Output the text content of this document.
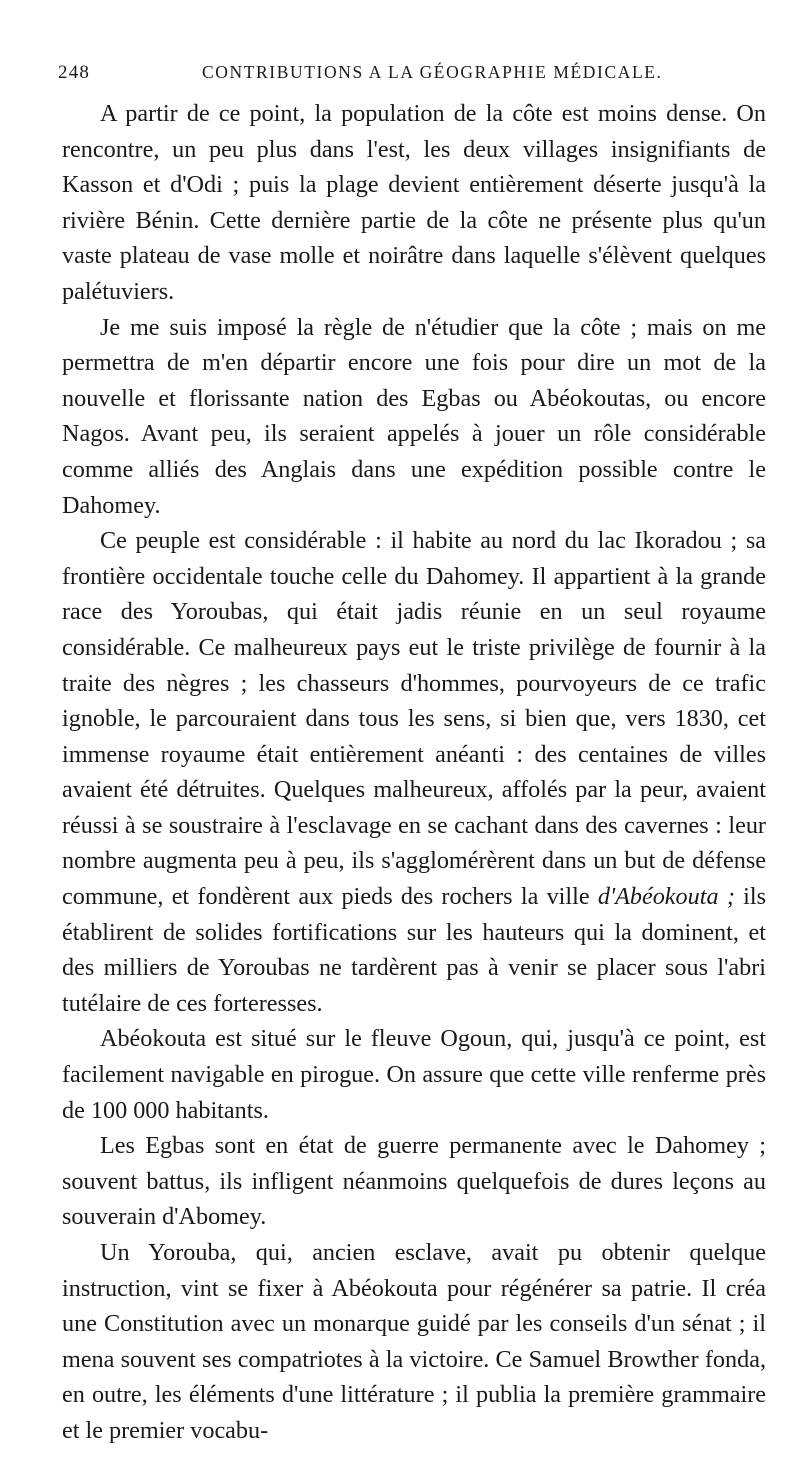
248	CONTRIBUTIONS A LA GÉOGRAPHIE MÉDICALE.

A partir de ce point, la population de la côte est moins dense. On rencontre, un peu plus dans l'est, les deux villages insignifiants de Kasson et d'Odi ; puis la plage devient entièrement déserte jusqu'à la rivière Bénin. Cette dernière partie de la côte ne présente plus qu'un vaste plateau de vase molle et noirâtre dans laquelle s'élèvent quelques palétuviers.

Je me suis imposé la règle de n'étudier que la côte ; mais on me permettra de m'en départir encore une fois pour dire un mot de la nouvelle et florissante nation des Egbas ou Abéokoutas, ou encore Nagos. Avant peu, ils seraient appelés à jouer un rôle considérable comme alliés des Anglais dans une expédition possible contre le Dahomey.

Ce peuple est considérable : il habite au nord du lac Ikoradou ; sa frontière occidentale touche celle du Dahomey. Il appartient à la grande race des Yoroubas, qui était jadis réunie en un seul royaume considérable. Ce malheureux pays eut le triste privilège de fournir à la traite des nègres ; les chasseurs d'hommes, pourvoyeurs de ce trafic ignoble, le parcouraient dans tous les sens, si bien que, vers 1830, cet immense royaume était entièrement anéanti : des centaines de villes avaient été détruites. Quelques malheureux, affolés par la peur, avaient réussi à se soustraire à l'esclavage en se cachant dans des cavernes : leur nombre augmenta peu à peu, ils s'agglomérèrent dans un but de défense commune, et fondèrent aux pieds des rochers la ville d'Abéokouta ; ils établirent de solides fortifications sur les hauteurs qui la dominent, et des milliers de Yoroubas ne tardèrent pas à venir se placer sous l'abri tutélaire de ces forteresses.

Abéokouta est situé sur le fleuve Ogoun, qui, jusqu'à ce point, est facilement navigable en pirogue. On assure que cette ville renferme près de 100 000 habitants.

Les Egbas sont en état de guerre permanente avec le Dahomey ; souvent battus, ils infligent néanmoins quelquefois de dures leçons au souverain d'Abomey.

Un Yorouba, qui, ancien esclave, avait pu obtenir quelque instruction, vint se fixer à Abéokouta pour régénérer sa patrie. Il créa une Constitution avec un monarque guidé par les conseils d'un sénat ; il mena souvent ses compatriotes à la victoire. Ce Samuel Browther fonda, en outre, les éléments d'une littérature ; il publia la première grammaire et le premier vocabu-
